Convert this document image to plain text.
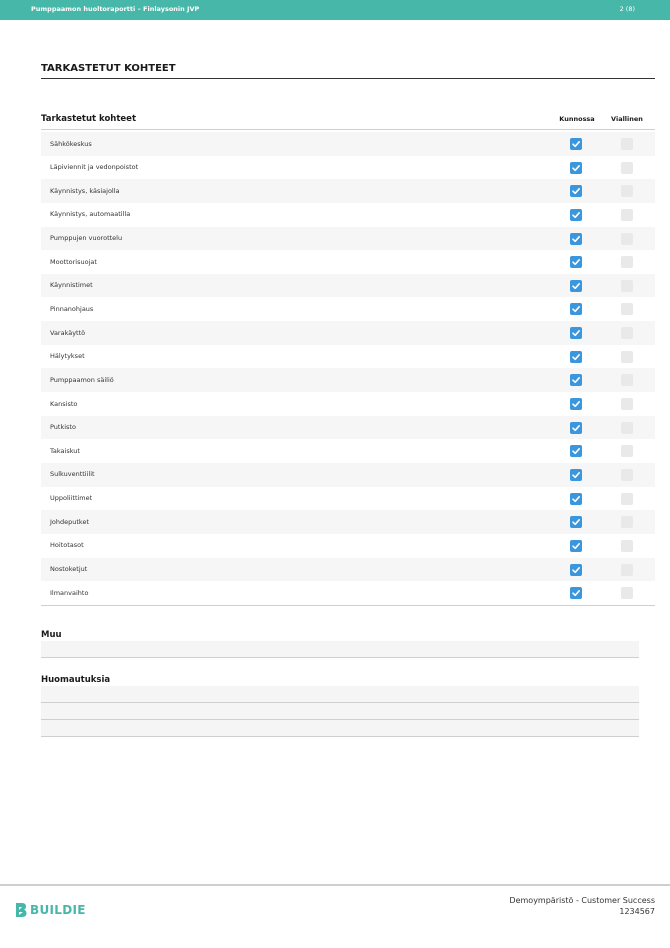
Pumppaamon huoltoraportti – Finlaysonin JVP	2 (8)
TARKASTETUT KOHTEET
Tarkastetut kohteet	Kunnossa	Viallinen
Sähkökeskus
Läpiviennit ja vedonpoistot
Käynnistys, käsiajolla
Käynnistys, automaatilla
Pumppujen vuorottelu
Moottorisuojat
Käynnistimet
Pinnanohjaus
Varakäyttö
Hälytykset
Pumppaamon säiliö
Kansisto
Putkisto
Takaiskut
Sulkuventtiilit
Uppoliittimet
Johdeputket
Hoitotasot
Nostoketjut
Ilmanvaihto
Muu
Huomautuksia
BUILDIE
Demoympäristö - Customer Success
1234567
